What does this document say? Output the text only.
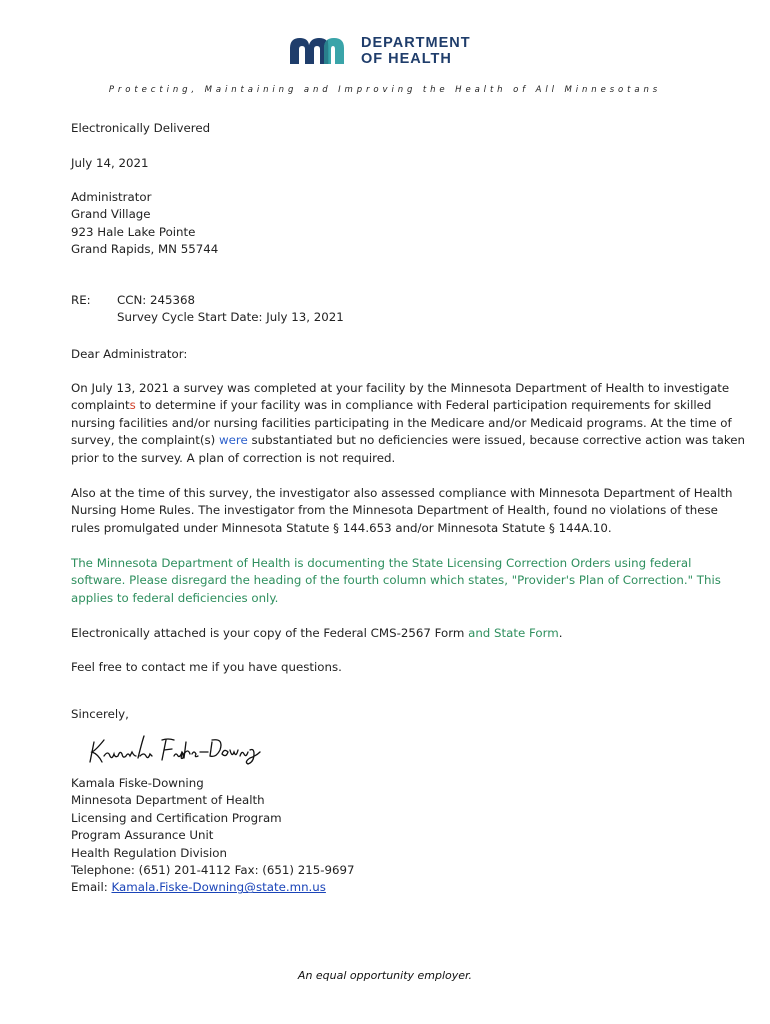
DEPARTMENT
OF HEALTH
Protecting, Maintaining and Improving the Health of All Minnesotans
Electronically Delivered
July 14, 2021
Administrator
Grand Village
923 Hale Lake Pointe
Grand Rapids, MN 55744
RE: CCN: 245368
Survey Cycle Start Date: July 13, 2021
Dear Administrator:
On July 13, 2021 a survey was completed at your facility by the Minnesota Department of Health to investigate
complaints to determine if your facility was in compliance with Federal participation requirements for skilled
nursing facilities and/or nursing facilities participating in the Medicare and/or Medicaid programs. At the time of
survey, the complaint(s) were substantiated but no deficiencies were issued, because corrective action was taken
prior to the survey. A plan of correction is not required.
Also at the time of this survey, the investigator also assessed compliance with Minnesota Department of Health
Nursing Home Rules. The investigator from the Minnesota Department of Health, found no violations of these
rules promulgated under Minnesota Statute § 144.653 and/or Minnesota Statute § 144A.10.
The Minnesota Department of Health is documenting the State Licensing Correction Orders using federal
software. Please disregard the heading of the fourth column which states, "Provider's Plan of Correction." This
applies to federal deficiencies only.
Electronically attached is your copy of the Federal CMS-2567 Form and State Form.
Feel free to contact me if you have questions.
Sincerely,
Kamala Fiske-Downing
Minnesota Department of Health
Licensing and Certification Program
Program Assurance Unit
Health Regulation Division
Telephone: (651) 201-4112 Fax: (651) 215-9697
Email: Kamala.Fiske-Downing@state.mn.us
An equal opportunity employer.
